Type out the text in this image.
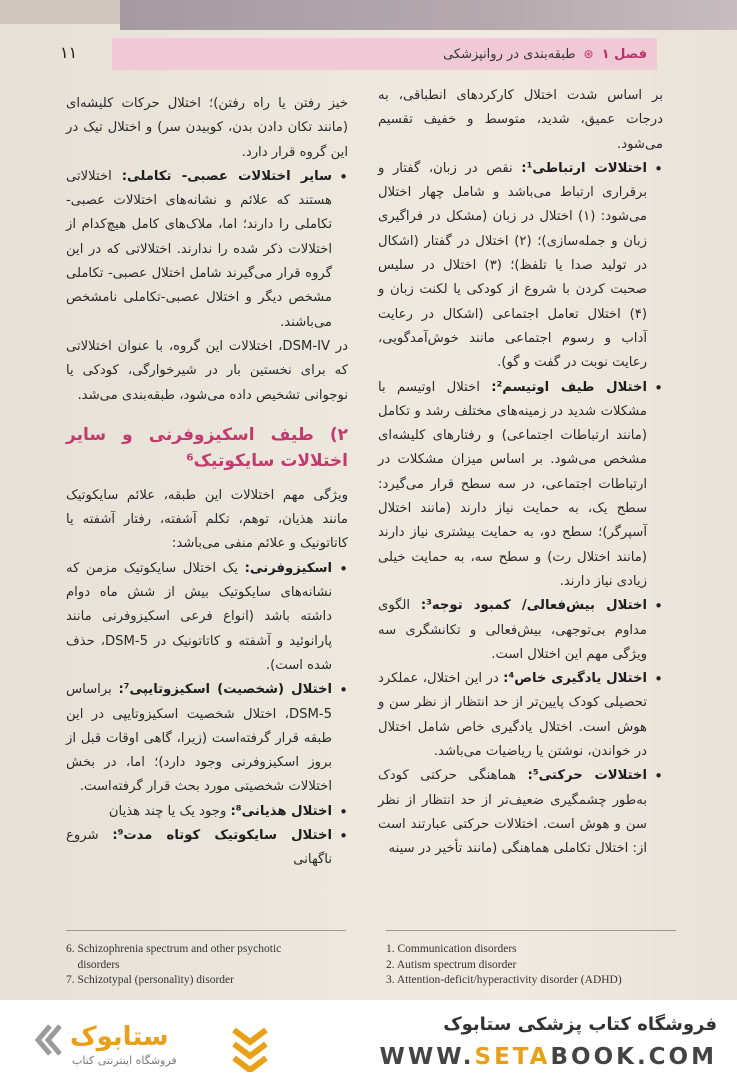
فصل ۱
⊛
طبقه‌بندی در روانپزشکی
۱۱

بر اساس شدت اختلال کارکردهای انطباقی، به درجات عمیق، شدید، متوسط و خفیف تقسیم می‌شود.

• اختلالات ارتباطی¹: نقص در زبان، گفتار و برقراری ارتباط می‌باشد و شامل چهار اختلال می‌شود: (۱) اختلال در زبان (مشکل در فراگیری زبان و جمله‌سازی)؛ (۲) اختلال در گفتار (اشکال در تولید صدا یا تلفظ)؛ (۳) اختلال در سلیس صحبت کردن با شروع از کودکی یا لکنت زبان و (۴) اختلال تعامل اجتماعی (اشکال در رعایت آداب و رسوم اجتماعی مانند خوش‌آمدگویی، رعایت نوبت در گفت و گو).

• اختلال طیف اوتیسم²: اختلال اوتیسم با مشکلات شدید در زمینه‌های مختلف رشد و تکامل (مانند ارتباطات اجتماعی) و رفتارهای کلیشه‌ای مشخص می‌شود. بر اساس میزان مشکلات در ارتباطات اجتماعی، در سه سطح قرار می‌گیرد: سطح یک، به حمایت نیاز دارند (مانند اختلال آسپرگر)؛ سطح دو، به حمایت بیشتری نیاز دارند (مانند اختلال رت) و سطح سه، به حمایت خیلی زیادی نیاز دارند.

• اختلال بیش‌فعالی/ کمبود توجه³: الگوی مداوم بی‌توجهی، بیش‌فعالی و تکانشگری سه ویژگی مهم این اختلال است.

• اختلال یادگیری خاص⁴: در این اختلال، عملکرد تحصیلی کودک پایین‌تر از حد انتظار از نظر سن و هوش است. اختلال یادگیری خاص شامل اختلال در خواندن، نوشتن یا ریاضیات می‌باشد.

• اختلالات حرکتی⁵: هماهنگی حرکتی کودک به‌طور چشمگیری ضعیف‌تر از حد انتظار از نظر سن و هوش است. اختلالات حرکتی عبارتند است از: اختلال تکاملی هماهنگی (مانند تأخیر در سینه

خیز رفتن یا راه رفتن)؛ اختلال حرکات کلیشه‌ای (مانند تکان دادن بدن، کوبیدن سر) و اختلال تیک در این گروه قرار دارد.

• سایر اختلالات عصبی- تکاملی: اختلالاتی هستند که علائم و نشانه‌های اختلالات عصبی- تکاملی را دارند؛ اما، ملاک‌های کامل هیچ‌کدام از اختلالات ذکر شده را ندارند. اختلالاتی که در این گروه قرار می‌گیرند شامل اختلال عصبی- تکاملی مشخص دیگر و اختلال عصبی-تکاملی نامشخص می‌باشند.

در DSM-IV، اختلالات این گروه، با عنوان اختلالاتی که برای نخستین بار در شیرخوارگی، کودکی یا نوجوانی تشخیص داده می‌شود، طبقه‌بندی می‌شد.

۲) طیف اسکیزوفرنی و سایر اختلالات سایکوتیک⁶

ویژگی مهم اختلالات این طبقه، علائم سایکوتیک مانند هذیان، توهم، تکلم آشفته، رفتار آشفته یا کاتاتونیک و علائم منفی می‌باشد:

• اسکیزوفرنی: یک اختلال سایکوتیک مزمن که نشانه‌های سایکوتیک بیش از شش ماه دوام داشته باشد (انواع فرعی اسکیزوفرنی مانند پارانوئید و آشفته و کاتاتونیک در DSM-5، حذف شده است).

• اختلال (شخصیت) اسکیزوتایپی⁷: براساس DSM-5، اختلال شخصیت اسکیزوتایپی در این طبقه قرار گرفته‌است (زیرا، گاهی اوقات قبل از بروز اسکیزوفرنی وجود دارد)؛ اما، در بخش اختلالات شخصیتی مورد بحث قرار گرفته‌است.

• اختلال هذیانی⁸: وجود یک یا چند هذیان

• اختلال سایکوتیک کوتاه مدت⁹: شروع ناگهانی

1. Communication disorders
2. Autism spectrum disorder
3. Attention-deficit/hyperactivity disorder (ADHD)
6. Schizophrenia spectrum and other psychotic
disorders
7. Schizotypal (personality) disorder
ستابوک
فروشگاه اینترنتی کتاب
فروشگاه کتاب پزشکی ستابوک
WWW.SETABOOK.COM
